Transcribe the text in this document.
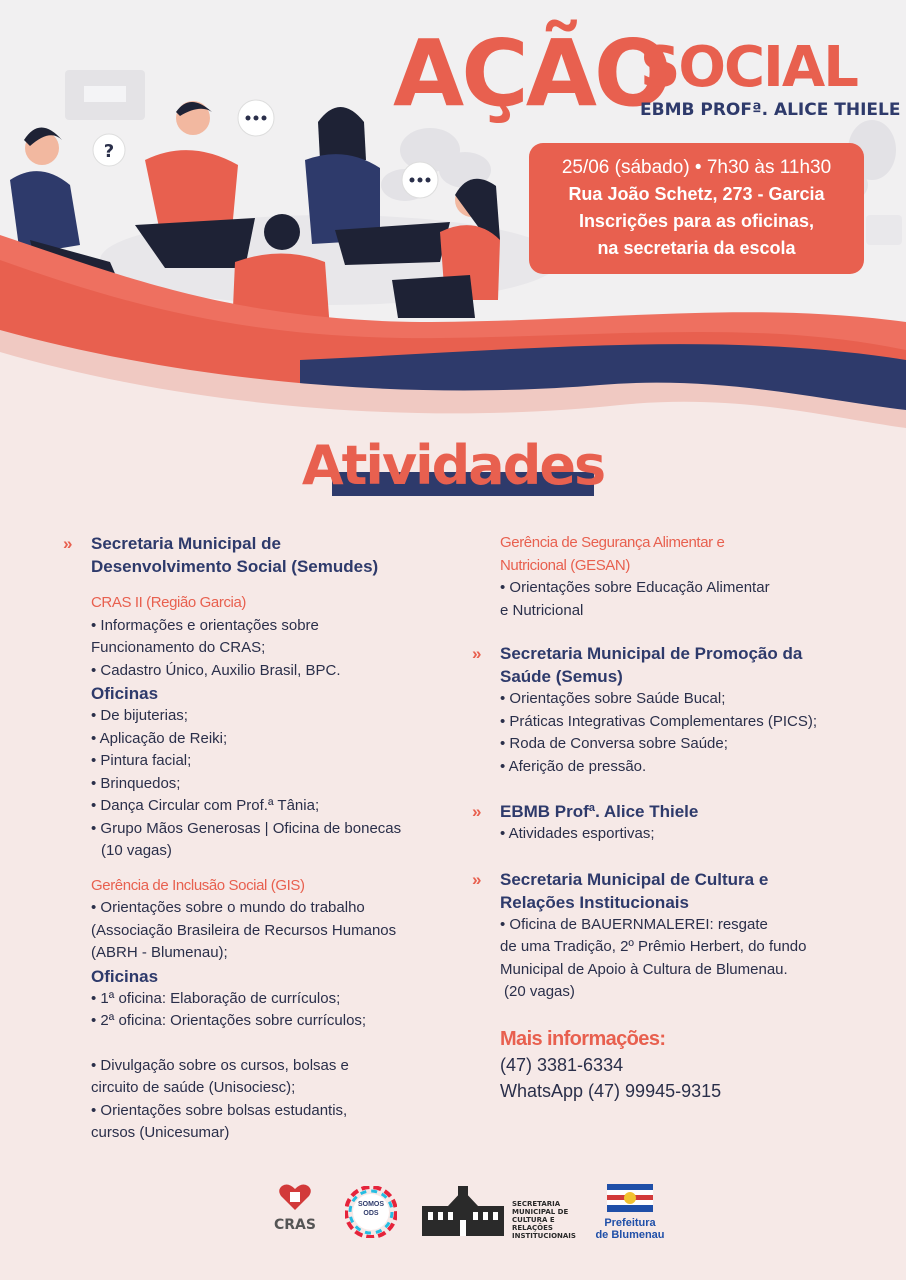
?
AÇÃO
SOCIAL
EBMB PROFª. ALICE THIELE
25/06 (sábado) • 7h30 às 11h30
Rua João Schetz, 273 - Garcia
Inscrições para as oficinas,
na secretaria da escola
Atividades
»	Secretaria Municipal de
Desenvolvimento Social (Semudes)
CRAS II (Região Garcia)
• Informações e orientações sobre
Funcionamento do CRAS;
• Cadastro Único, Auxilio Brasil, BPC.
Oficinas
• De bijuterias;
• Aplicação de Reiki;
• Pintura facial;
• Brinquedos;
• Dança Circular com Prof.ª Tânia;
• Grupo Mãos Generosas | Oficina de bonecas
(10 vagas)
Gerência de Inclusão Social (GIS)
• Orientações sobre o mundo do trabalho
(Associação Brasileira de Recursos Humanos
(ABRH - Blumenau);
Oficinas
• 1ª oficina: Elaboração de currículos;
• 2ª oficina: Orientações sobre currículos;
• Divulgação sobre os cursos, bolsas e
circuito de saúde (Unisociesc);
• Orientações sobre bolsas estudantis,
cursos (Unicesumar)
Gerência de Segurança Alimentar e
Nutricional (GESAN)
• Orientações sobre Educação Alimentar
e Nutricional
»	Secretaria Municipal de Promoção da
Saúde (Semus)
• Orientações sobre Saúde Bucal;
• Práticas Integrativas Complementares (PICS);
• Roda de Conversa sobre Saúde;
• Aferição de pressão.
»	EBMB Profª. Alice Thiele
• Atividades esportivas;
»	Secretaria Municipal de Cultura e
Relações Institucionais
• Oficina de BAUERNMALEREI: resgate
de uma Tradição, 2º Prêmio Herbert, do fundo
Municipal de Apoio à Cultura de Blumenau.
(20 vagas)
Mais informações:
(47) 3381-6334
WhatsApp (47) 99945-9315
CRAS
SOMOS
ODS
SECRETARIA MUNICIPAL DE CULTURA E RELAÇÕES INSTITUCIONAIS
Prefeitura
de Blumenau
